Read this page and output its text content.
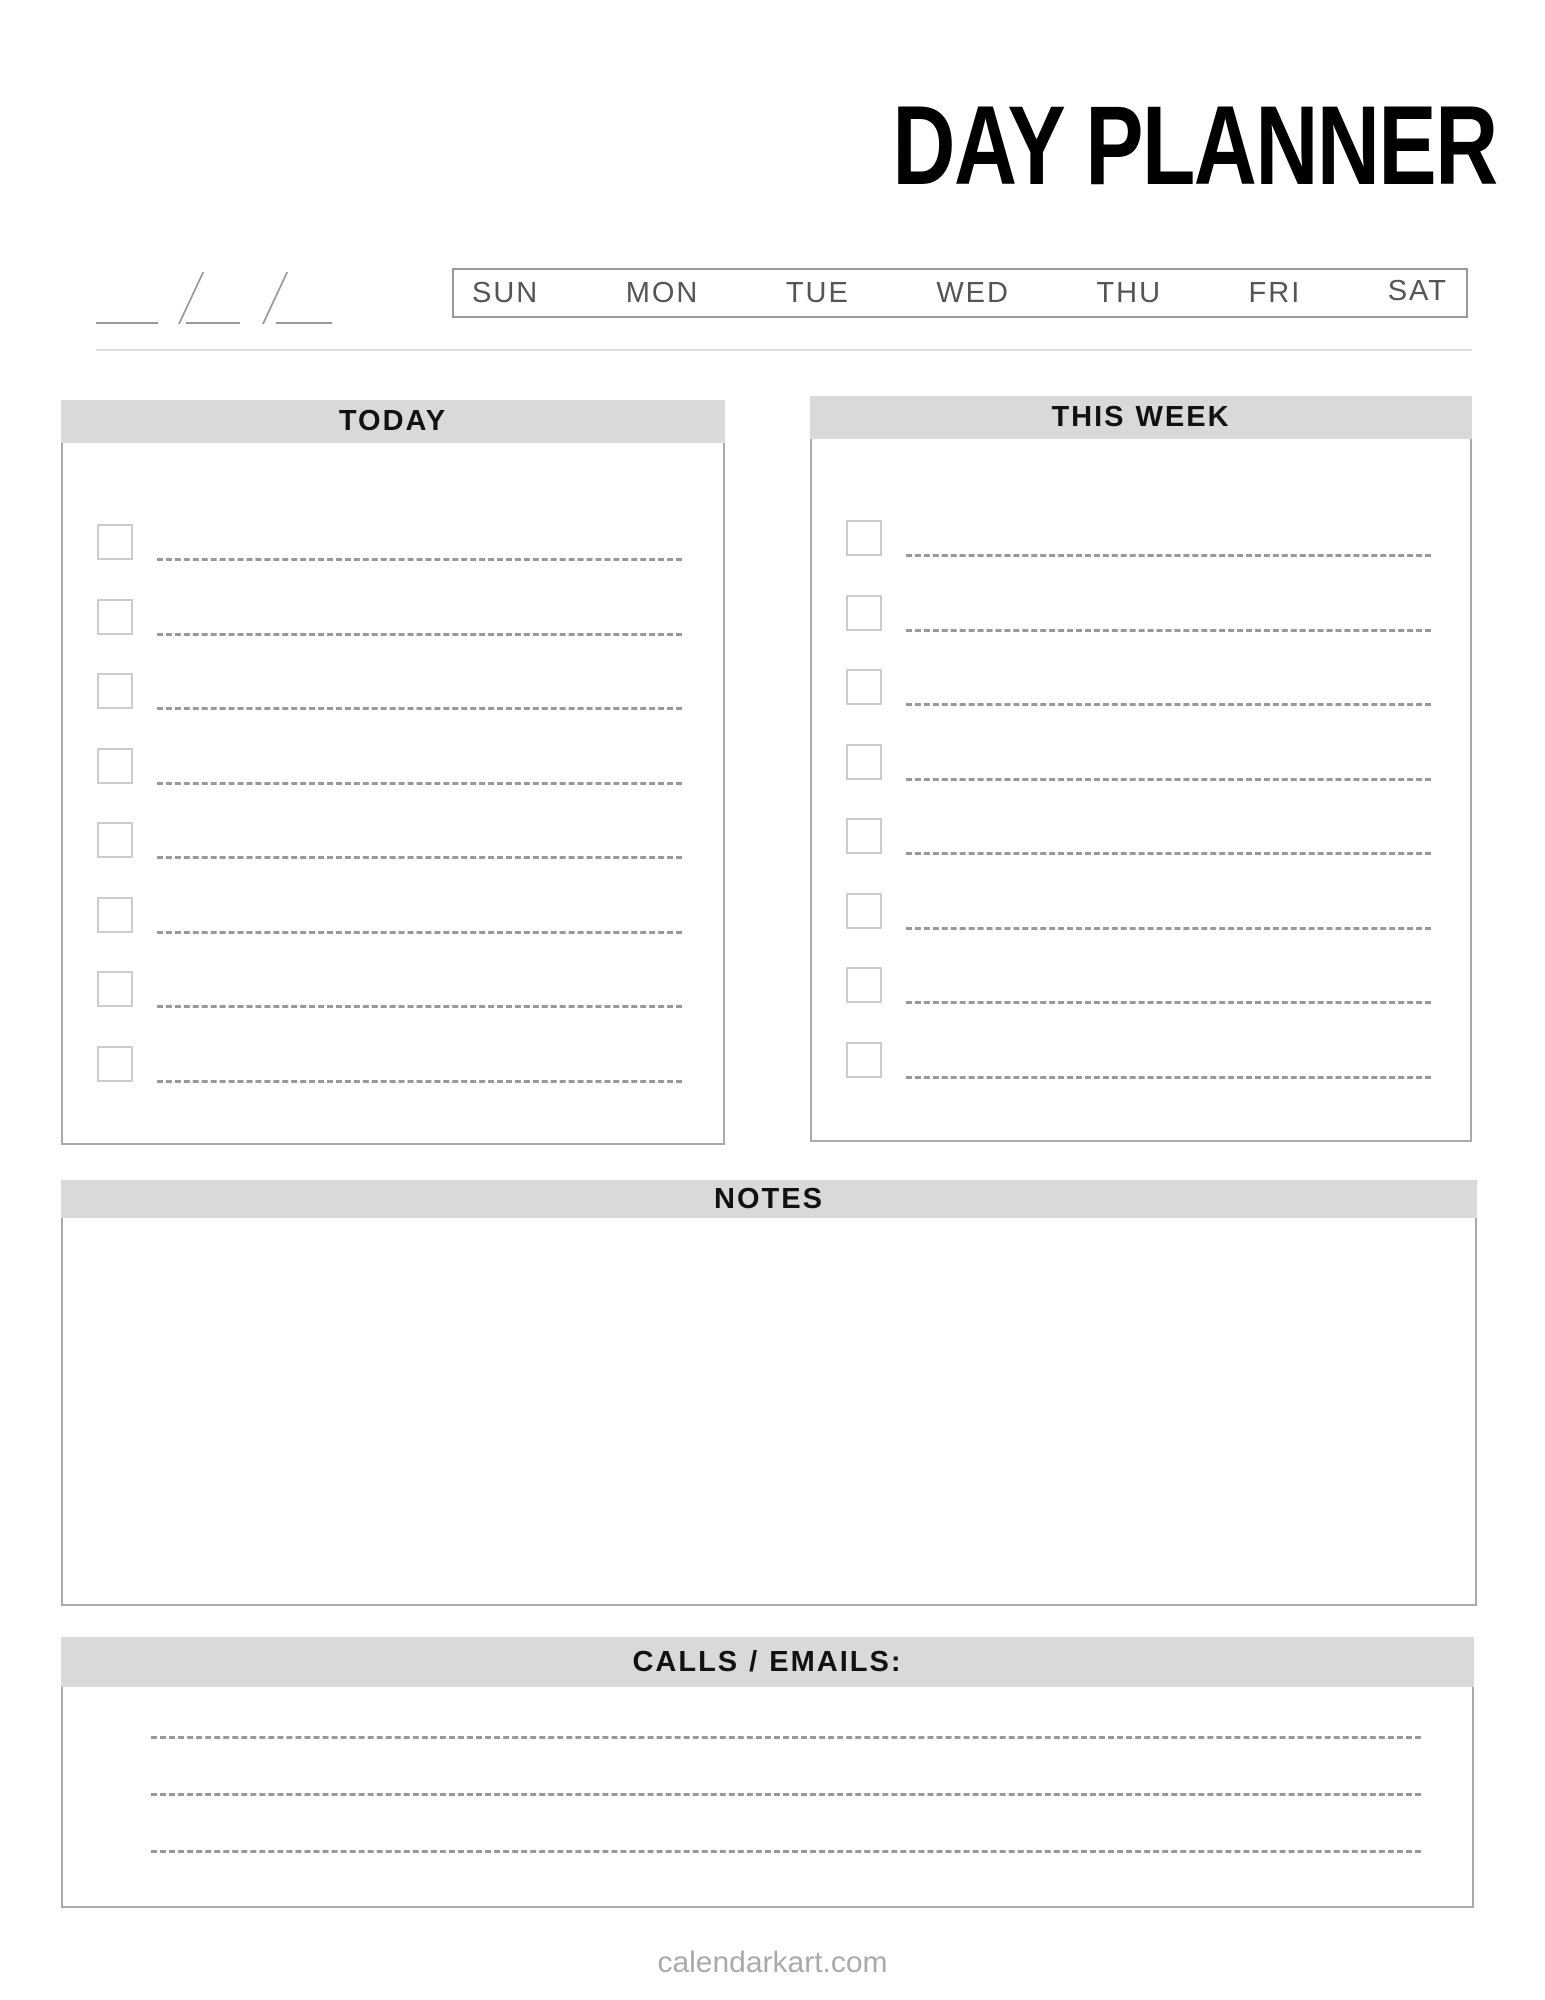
DAY PLANNER
SUN	MON	TUE	WED	THU	FRI	SAT
TODAY	THIS WEEK
NOTES
CALLS / EMAILS:
calendarkart.com
